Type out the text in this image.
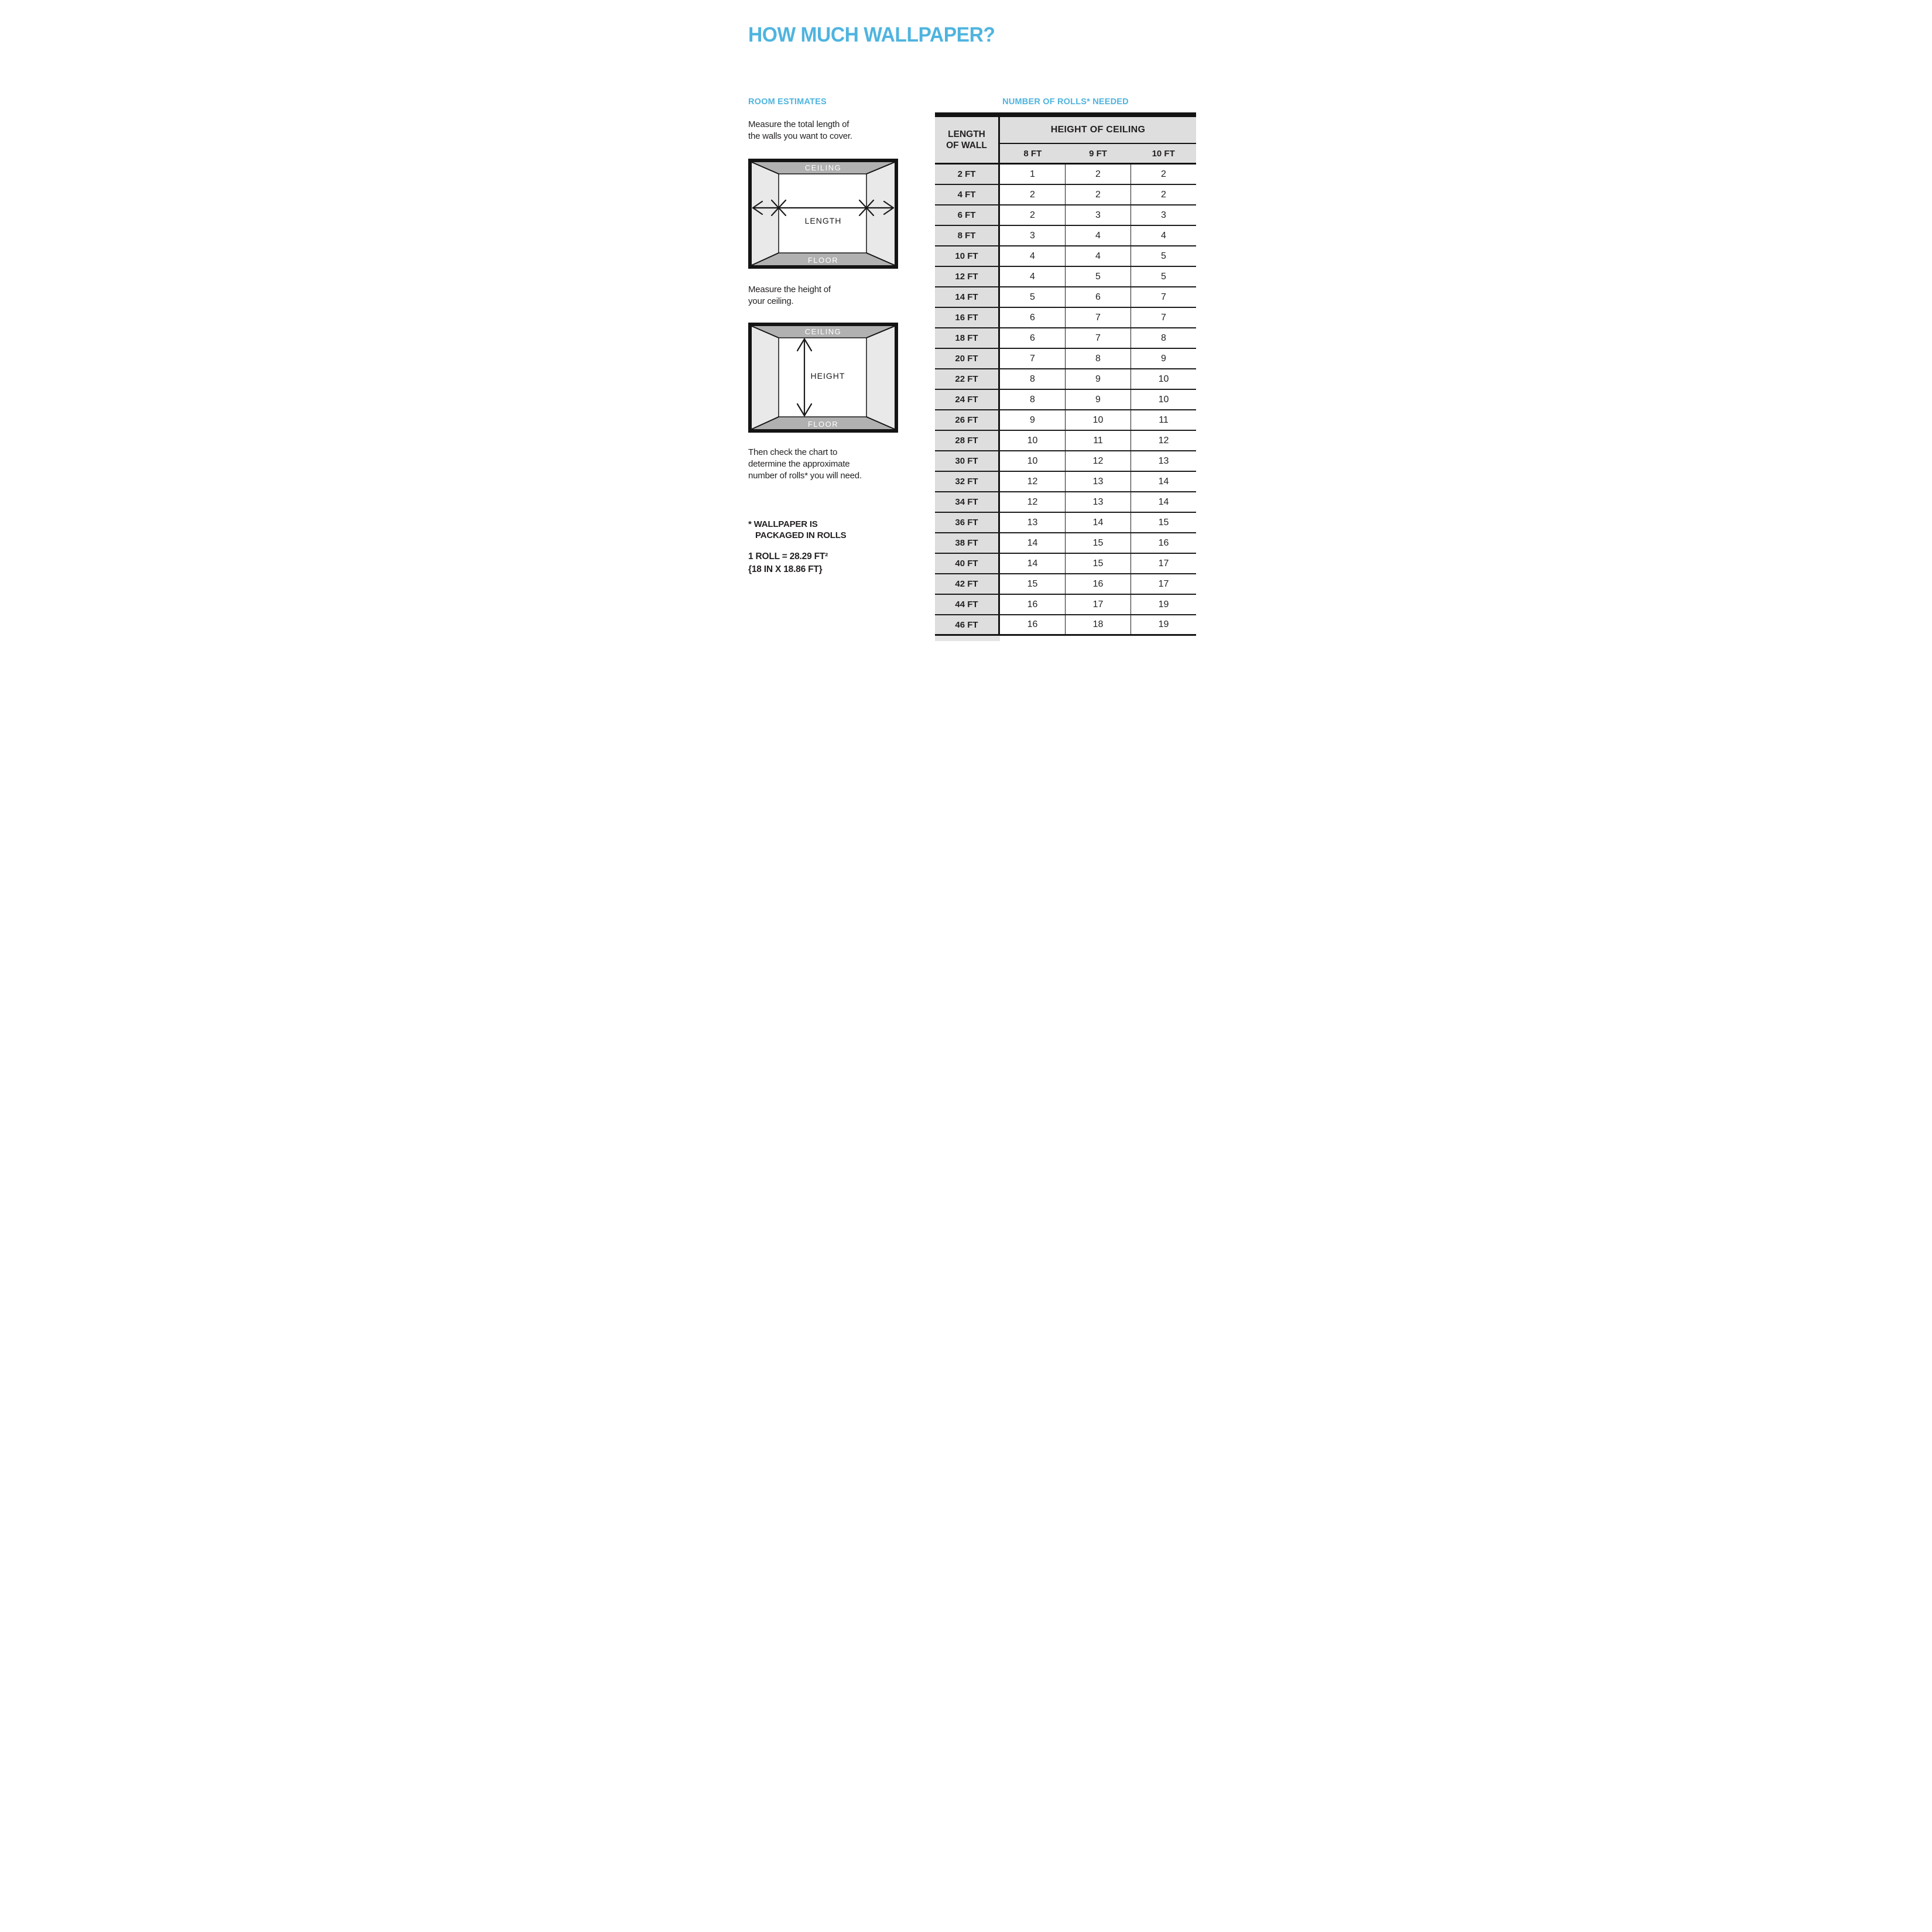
HOW MUCH WALLPAPER?
ROOM ESTIMATES	NUMBER OF ROLLS* NEEDED
Measure the total length of
the walls you want to cover.
CEILING
FLOOR
LENGTH
Measure the height of
your ceiling.
CEILING
FLOOR
HEIGHT
Then check the chart to
determine the approximate
number of rolls* you will need.
* WALLPAPER IS
PACKAGED IN ROLLS
1 ROLL = 28.29 FT²
{18 IN X 18.86 FT}
LENGTH
OF WALL
HEIGHT OF CEILING
8 FT	9 FT	10 FT
2 FT	1	2	2
4 FT	2	2	2
6 FT	2	3	3
8 FT	3	4	4
10 FT	4	4	5
12 FT	4	5	5
14 FT	5	6	7
16 FT	6	7	7
18 FT	6	7	8
20 FT	7	8	9
22 FT	8	9	10
24 FT	8	9	10
26 FT	9	10	11
28 FT	10	11	12
30 FT	10	12	13
32 FT	12	13	14
34 FT	12	13	14
36 FT	13	14	15
38 FT	14	15	16
40 FT	14	15	17
42 FT	15	16	17
44 FT	16	17	19
46 FT	16	18	19
